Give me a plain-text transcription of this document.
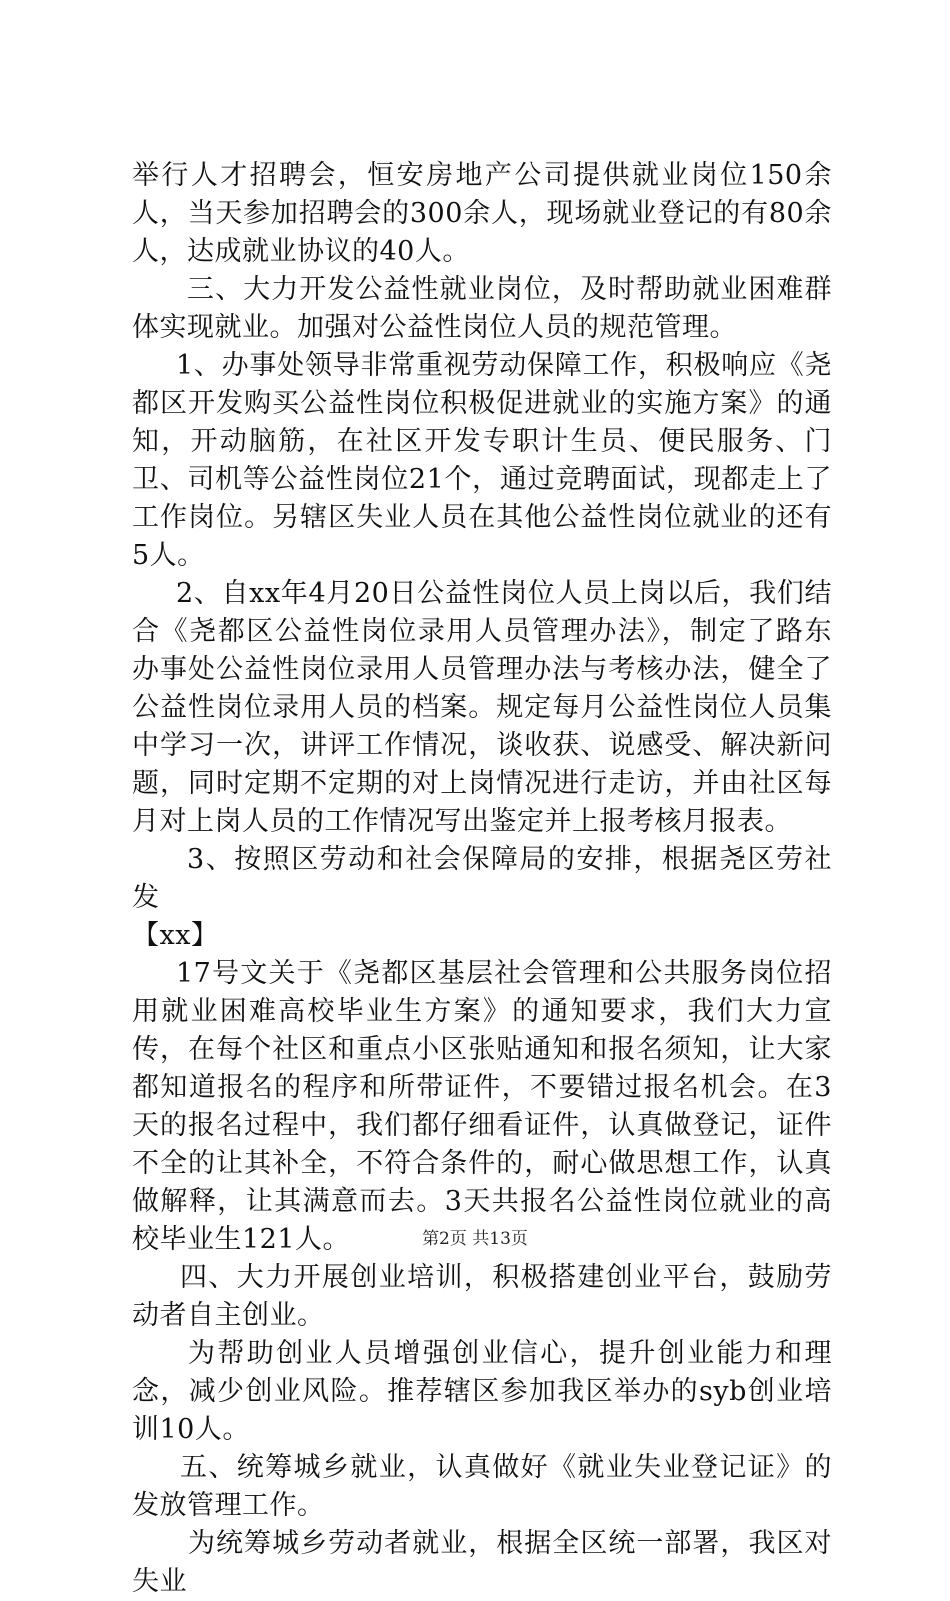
举行人才招聘会，恒安房地产公司提供就业岗位150余人，当天参加招聘会的300余人，现场就业登记的有80余人，达成就业协议的40人。

三、大力开发公益性就业岗位，及时帮助就业困难群体实现就业。加强对公益性岗位人员的规范管理。

1、办事处领导非常重视劳动保障工作，积极响应《尧都区开发购买公益性岗位积极促进就业的实施方案》的通知，开动脑筋，在社区开发专职计生员、便民服务、门卫、司机等公益性岗位21个，通过竞聘面试，现都走上了工作岗位。另辖区失业人员在其他公益性岗位就业的还有5人。

2、自xx年4月20日公益性岗位人员上岗以后，我们结合《尧都区公益性岗位录用人员管理办法》，制定了路东办事处公益性岗位录用人员管理办法与考核办法，健全了公益性岗位录用人员的档案。规定每月公益性岗位人员集中学习一次，讲评工作情况，谈收获、说感受、解决新问题，同时定期不定期的对上岗情况进行走访，并由社区每月对上岗人员的工作情况写出鉴定并上报考核月报表。

3、按照区劳动和社会保障局的安排，根据尧区劳社发

【xx】

17号文关于《尧都区基层社会管理和公共服务岗位招用就业困难高校毕业生方案》的通知要求，我们大力宣传，在每个社区和重点小区张贴通知和报名须知，让大家都知道报名的程序和所带证件，不要错过报名机会。在3天的报名过程中，我们都仔细看证件，认真做登记，证件不全的让其补全，不符合条件的，耐心做思想工作，认真做解释，让其满意而去。3天共报名公益性岗位就业的高校毕业生121人。

四、大力开展创业培训，积极搭建创业平台，鼓励劳动者自主创业。

为帮助创业人员增强创业信心，提升创业能力和理念，减少创业风险。推荐辖区参加我区举办的syb创业培训10人。

五、统筹城乡就业，认真做好《就业失业登记证》的发放管理工作。

为统筹城乡劳动者就业，根据全区统一部署，我区对失业

第2页 共13页
